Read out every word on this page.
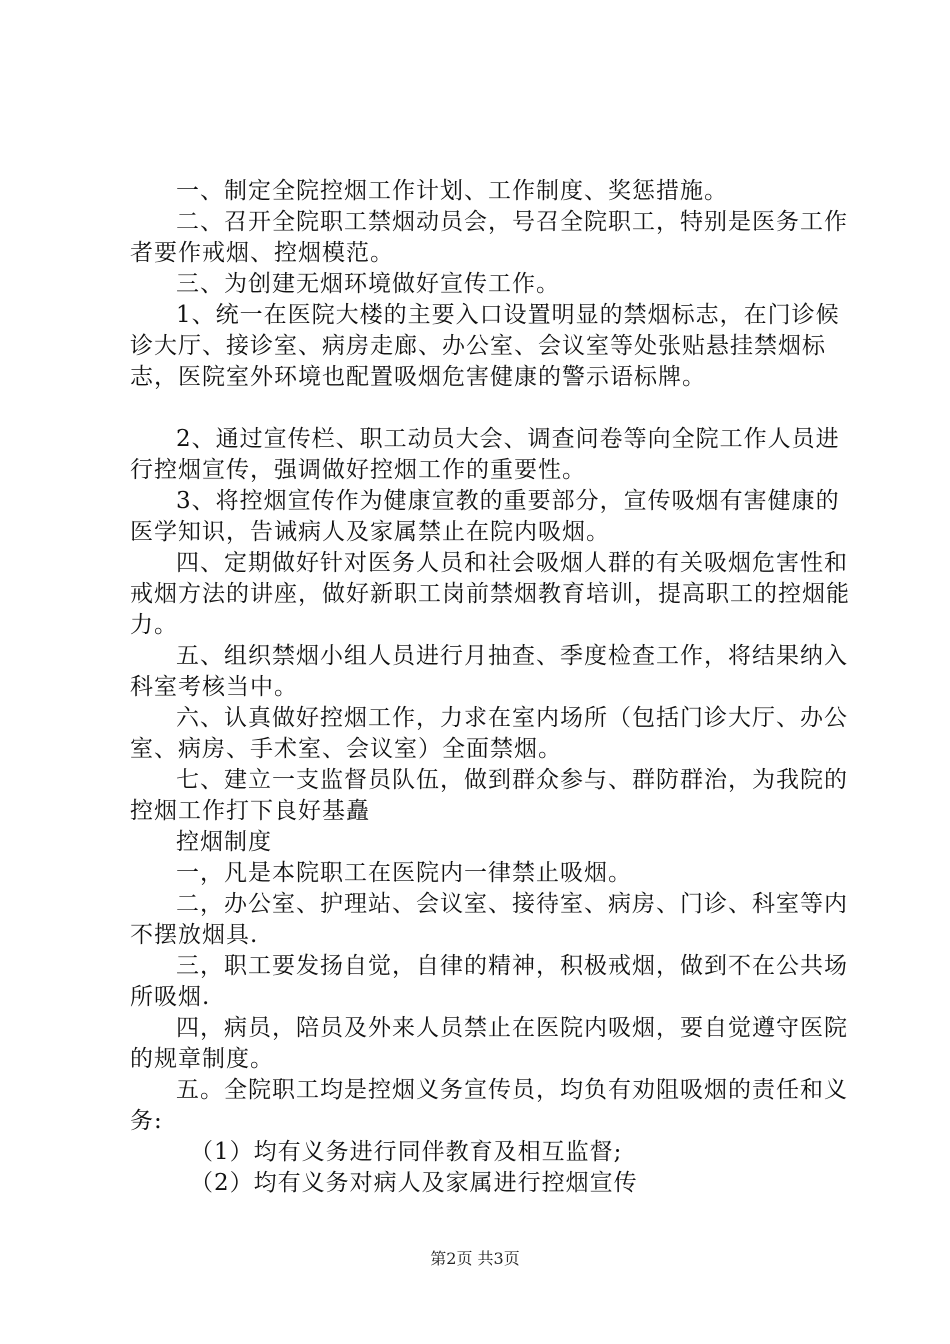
一、制定全院控烟工作计划、工作制度、奖惩措施。

二、召开全院职工禁烟动员会，号召全院职工，特别是医务工作者要作戒烟、控烟模范。

三、为创建无烟环境做好宣传工作。

1、统一在医院大楼的主要入口设置明显的禁烟标志，在门诊候诊大厅、接诊室、病房走廊、办公室、会议室等处张贴悬挂禁烟标志，医院室外环境也配置吸烟危害健康的警示语标牌。

2、通过宣传栏、职工动员大会、调查问卷等向全院工作人员进行控烟宣传，强调做好控烟工作的重要性。

3、将控烟宣传作为健康宣教的重要部分，宣传吸烟有害健康的医学知识，告诫病人及家属禁止在院内吸烟。

四、定期做好针对医务人员和社会吸烟人群的有关吸烟危害性和戒烟方法的讲座，做好新职工岗前禁烟教育培训，提高职工的控烟能力。

五、组织禁烟小组人员进行月抽查、季度检查工作，将结果纳入科室考核当中。

六、认真做好控烟工作，力求在室内场所（包括门诊大厅、办公室、病房、手术室、会议室）全面禁烟。

七、建立一支监督员队伍，做到群众参与、群防群治，为我院的控烟工作打下良好基矗

控烟制度

一，凡是本院职工在医院内一律禁止吸烟。

二，办公室、护理站、会议室、接待室、病房、门诊、科室等内不摆放烟具.

三，职工要发扬自觉，自律的精神，积极戒烟，做到不在公共场所吸烟.

四，病员，陪员及外来人员禁止在医院内吸烟，要自觉遵守医院的规章制度。

五。全院职工均是控烟义务宣传员，均负有劝阻吸烟的责任和义务:

（1）均有义务进行同伴教育及相互监督;

（2）均有义务对病人及家属进行控烟宣传

第2页 共3页
